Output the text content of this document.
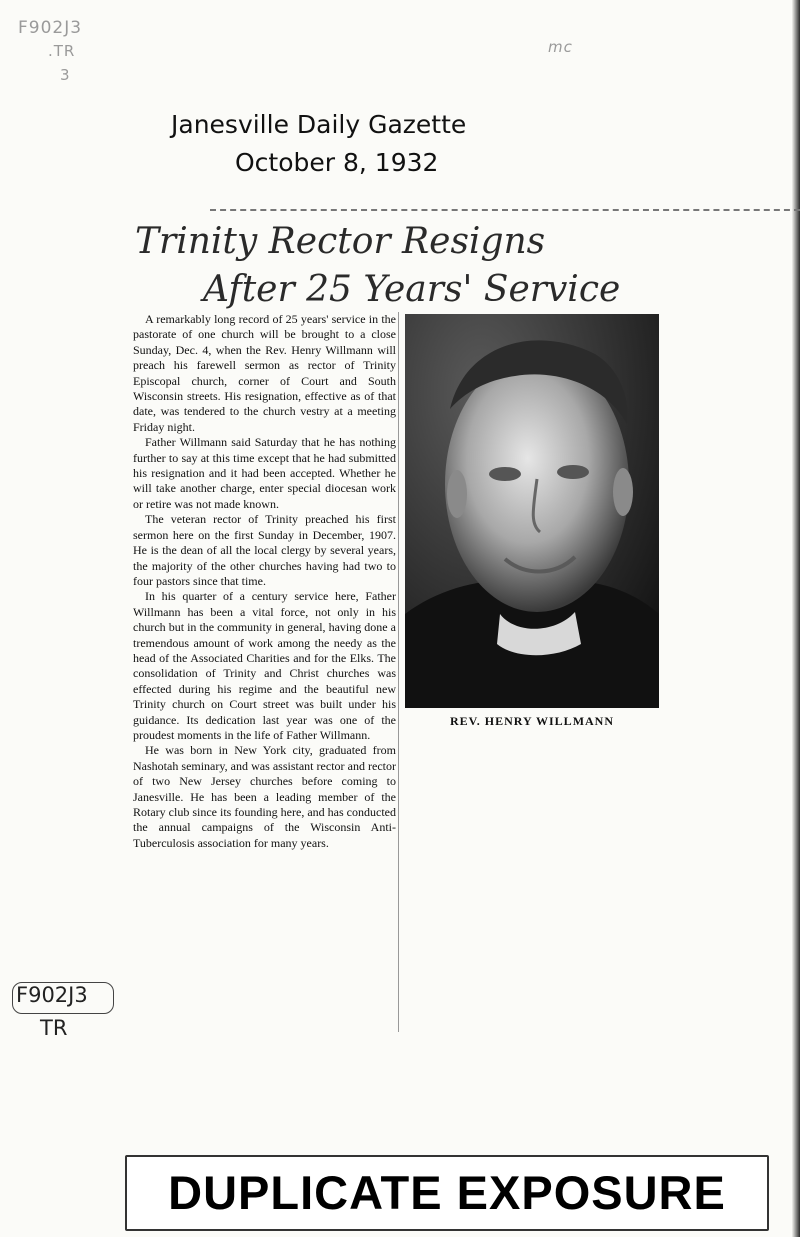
F902J3
.TR
3
mc
Janesville Daily Gazette
October 8, 1932
Trinity Rector Resigns
After 25 Years' Service

A remarkably long record of 25 years' service in the pastorate of one church will be brought to a close Sunday, Dec. 4, when the Rev. Henry Willmann will preach his farewell sermon as rector of Trinity Episcopal church, corner of Court and South Wisconsin streets. His resignation, effective as of that date, was tendered to the church vestry at a meeting Friday night.

Father Willmann said Saturday that he has nothing further to say at this time except that he had submitted his resignation and it had been accepted. Whether he will take another charge, enter special diocesan work or retire was not made known.

The veteran rector of Trinity preached his first sermon here on the first Sunday in December, 1907. He is the dean of all the local clergy by several years, the majority of the other churches having had two to four pastors since that time.

In his quarter of a century service here, Father Willmann has been a vital force, not only in his church but in the community in general, having done a tremendous amount of work among the needy as the head of the Associated Charities and for the Elks. The consolidation of Trinity and Christ churches was effected during his regime and the beautiful new Trinity church on Court street was built under his guidance. Its dedication last year was one of the proudest moments in the life of Father Willmann.

He was born in New York city, graduated from Nashotah seminary, and was assistant rector and rector of two New Jersey churches before coming to Janesville. He has been a leading member of the Rotary club since its founding here, and has conducted the annual campaigns of the Wisconsin Anti-Tuberculosis association for many years.

REV. HENRY WILLMANN
F902J3
TR
DUPLICATE EXPOSURE
